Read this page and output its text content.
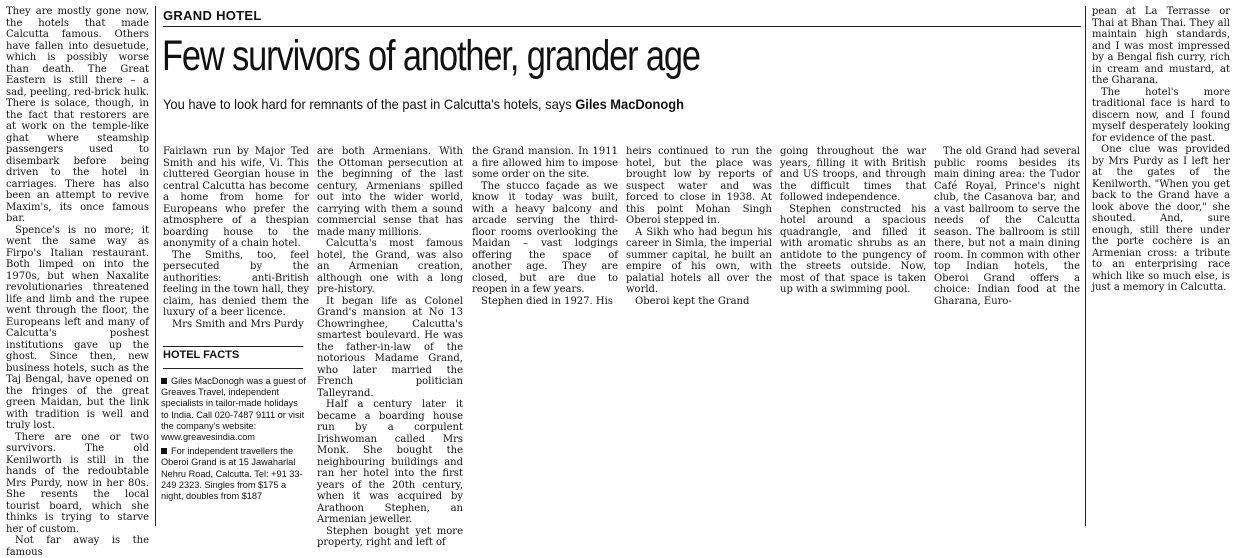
GRAND HOTEL
Few survivors of another, grander age
You have to look hard for remnants of the past in Calcutta's hotels, says Giles MacDonogh

They are mostly gone now, the hotels that made Calcutta famous. Others have fallen into desuetude, which is possibly worse than death. The Great Eastern is still there – a sad, peeling, red-brick hulk. There is solace, though, in the fact that restorers are at work on the temple-like ghat where steamship passengers used to disembark before being driven to the hotel in carriages. There has also been an attempt to revive Maxim's, its once famous bar.

Spence's is no more; it went the same way as Firpo's Italian restaurant. Both limped on into the 1970s, but when Naxalite revolutionaries threatened life and limb and the rupee went through the floor, the Europeans left and many of Calcutta's poshest institutions gave up the ghost. Since then, new business hotels, such as the Taj Bengal, have opened on the fringes of the great green Maidan, but the link with tradition is well and truly lost.

There are one or two survivors. The old Kenilworth is still in the hands of the redoubtable Mrs Purdy, now in her 80s. She resents the local tourist board, which she thinks is trying to starve her of custom.

Not far away is the famous

Fairlawn run by Major Ted Smith and his wife, Vi. This cluttered Georgian house in central Calcutta has become a home from home for Europeans who prefer the atmosphere of a thespian boarding house to the anonymity of a chain hotel.

The Smiths, too, feel persecuted by the authorities: anti-British feeling in the town hall, they claim, has denied them the luxury of a beer licence.

Mrs Smith and Mrs Purdy

HOTEL FACTS

Giles MacDonogh was a guest of Greaves Travel, independent specialists in tailor-made holidays to India. Call 020-7487 9111 or visit the company's website: www.greavesindia.com

For independent travellers the Oberoi Grand is at 15 Jawaharlal Nehru Road, Calcutta. Tel: +91 33-249 2323. Singles from $175 a night, doubles from $187

are both Armenians. With the Ottoman persecution at the beginning of the last century, Armenians spilled out into the wider world, carrying with them a sound commercial sense that has made many millions.

Calcutta's most famous hotel, the Grand, was also an Armenian creation, although one with a long pre-history.

It began life as Colonel Grand's mansion at No 13 Chowringhee, Calcutta's smartest boulevard. He was the father-in-law of the notorious Madame Grand, who later married the French politician Talleyrand.

Half a century later it became a boarding house run by a corpulent Irishwoman called Mrs Monk. She bought the neighbouring buildings and ran her hotel into the first years of the 20th century, when it was acquired by Arathoon Stephen, an Armenian jeweller.

Stephen bought yet more property, right and left of

the Grand mansion. In 1911 a fire allowed him to impose some order on the site.

The stucco façade as we know it today was built, with a heavy balcony and arcade serving the third-floor rooms overlooking the Maidan – vast lodgings offering the space of another age. They are closed, but are due to reopen in a few years.

Stephen died in 1927. His

heirs continued to run the hotel, but the place was brought low by reports of suspect water and was forced to close in 1938. At this point Mohan Singh Oberoi stepped in.

A Sikh who had begun his career in Simla, the imperial summer capital, he built an empire of his own, with palatial hotels all over the world.

Oberoi kept the Grand

going throughout the war years, filling it with British and US troops, and through the difficult times that followed independence.

Stephen constructed his hotel around a spacious quadrangle, and filled it with aromatic shrubs as an antidote to the pungency of the streets outside. Now, most of that space is taken up with a swimming pool.

The old Grand had several public rooms besides its main dining area: the Tudor Café Royal, Prince's night club, the Casanova bar, and a vast ballroom to serve the needs of the Calcutta season. The ballroom is still there, but not a main dining room. In common with other top Indian hotels, the Oberoi Grand offers a choice: Indian food at the Gharana, Euro-

pean at La Terrasse or Thai at Bhan Thai. They all maintain high standards, and I was most impressed by a Bengal fish curry, rich in cream and mustard, at the Gharana.

The hotel's more traditional face is hard to discern now, and I found myself desperately looking for evidence of the past.

One clue was provided by Mrs Purdy as I left her at the gates of the Kenilworth. "When you get back to the Grand have a look above the door," she shouted. And, sure enough, still there under the porte cochère is an Armenian cross: a tribute to an enterprising race which like so much else, is just a memory in Calcutta.
